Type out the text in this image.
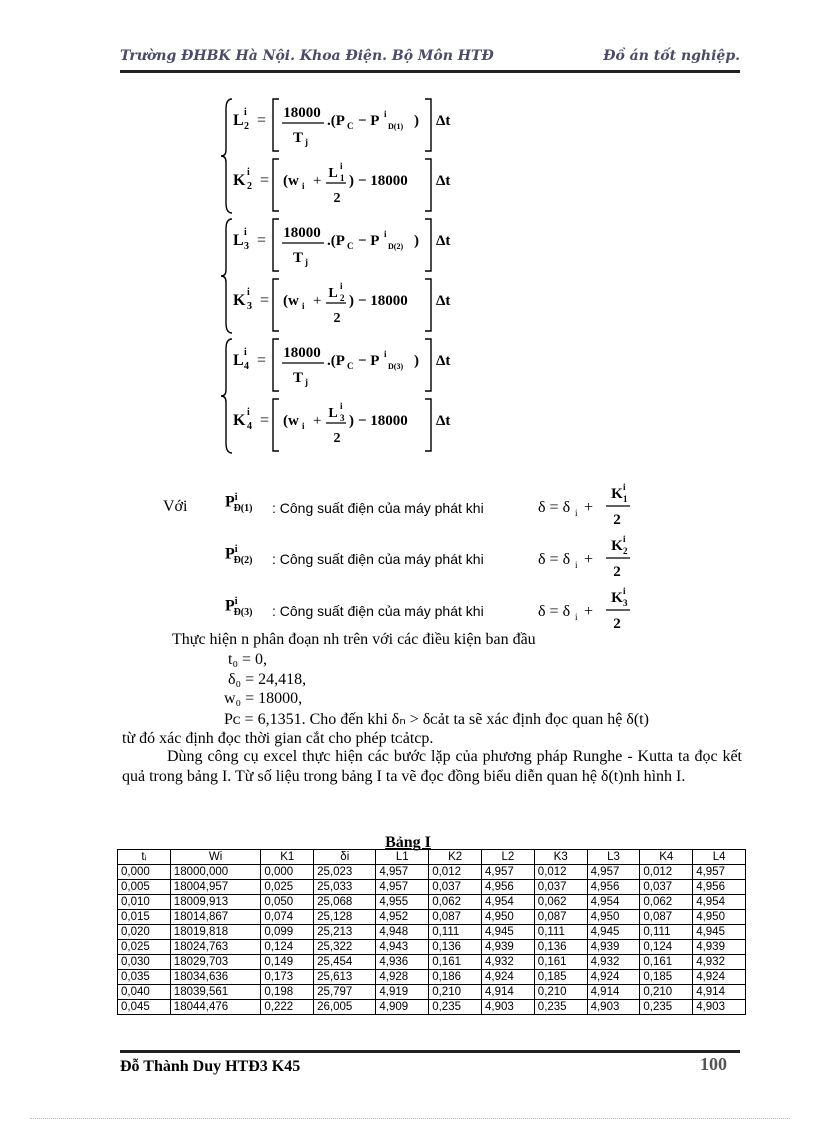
Trường ĐHBK Hà Nội. Khoa Điện. Bộ Môn HTĐ	Đồ án tốt nghiệp.
L i
2 = 18000
T j
.(P C − P i
D(1) ) Δt
K i
2 = (w i + L i
1
2
) − 18000 Δt
L i
3 = 18000
T j
.(P C − P i
D(2) ) Δt
K i
3 = (w i + L i
2
2
) − 18000 Δt
L i
4 = 18000
T j
.(P C − P i
D(3) ) Δt
K i
4 = (w i + L i
3
2
) − 18000 Δt
Với $P^i_{Đ(1)}$ : Công suất điện của máy phát khi
$P^i_{Đ(2)}$ : Công suất điện của máy phát khi
$P^i_{Đ(3)}$ : Công suất điện của máy phát khi
δ = δ i +
K i
1
2
δ = δ i +
K i
2
2
δ = δ i +
K i
3
2
Thực hiện n phân đoạn nh trên với các điều kiện ban đầu
t₀ = 0,
δ₀ = 24,418,
w₀ = 18000,
Pᴄ = 6,1351. Cho đến khi δₙ > δᴄảt ta sẽ xác định đọc quan hệ δ(t)
từ đó xác định đọc thời gian cắt cho phép tᴄảtcp.
Dùng công cụ excel thực hiện các bước lặp của phương pháp Runghe - Kutta ta đọc kết quả trong bảng I. Từ số liệu trong bảng I ta vẽ đọc đồng biểu diễn quan hệ δ(t)nh hình I.
Bảng I
tᵢ	Wi	K1	δi	L1	K2	L2	K3	L3	K4	L4
0,000	18000,000	0,000	25,023	4,957	0,012	4,957	0,012	4,957	0,012	4,957
0,005	18004,957	0,025	25,033	4,957	0,037	4,956	0,037	4,956	0,037	4,956
0,010	18009,913	0,050	25,068	4,955	0,062	4,954	0,062	4,954	0,062	4,954
0,015	18014,867	0,074	25,128	4,952	0,087	4,950	0,087	4,950	0,087	4,950
0,020	18019,818	0,099	25,213	4,948	0,111	4,945	0,111	4,945	0,111	4,945
0,025	18024,763	0,124	25,322	4,943	0,136	4,939	0,136	4,939	0,124	4,939
0,030	18029,703	0,149	25,454	4,936	0,161	4,932	0,161	4,932	0,161	4,932
0,035	18034,636	0,173	25,613	4,928	0,186	4,924	0,185	4,924	0,185	4,924
0,040	18039,561	0,198	25,797	4,919	0,210	4,914	0,210	4,914	0,210	4,914
0,045	18044,476	0,222	26,005	4,909	0,235	4,903	0,235	4,903	0,235	4,903
Đỗ Thành Duy HTĐ3 K45	100
